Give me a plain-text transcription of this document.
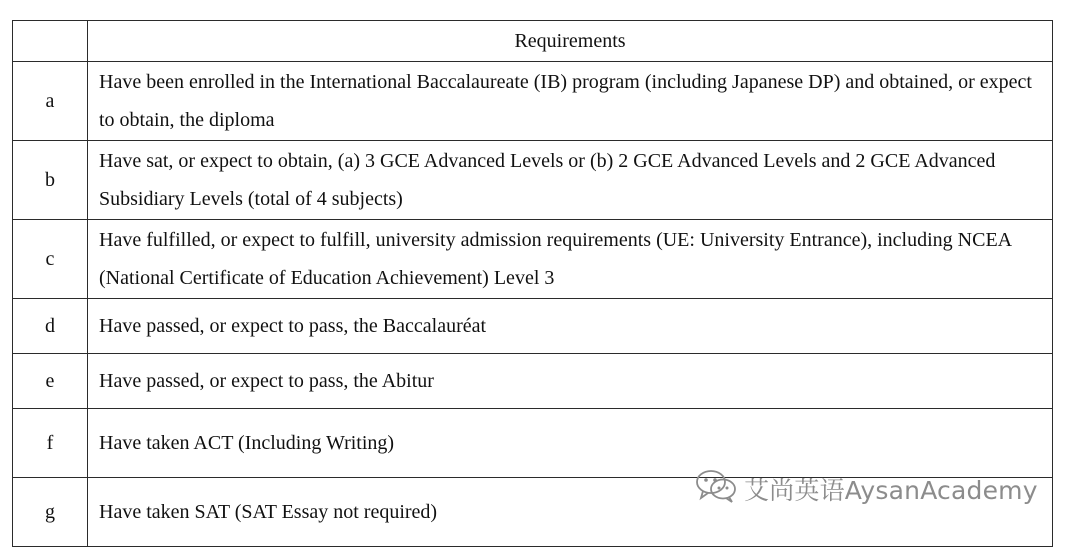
	Requirements
a	Have been enrolled in the International Baccalaureate (IB) program (including Japanese DP) and obtained, or expect to obtain, the diploma
b	Have sat, or expect to obtain, (a) 3 GCE Advanced Levels or (b) 2 GCE Advanced Levels and 2 GCE Advanced Subsidiary Levels (total of 4 subjects)
c	Have fulfilled, or expect to fulfill, university admission requirements (UE: University Entrance), including NCEA (National Certificate of Education Achievement) Level 3
d	Have passed, or expect to pass, the Baccalauréat
e	Have passed, or expect to pass, the Abitur
f	Have taken ACT (Including Writing)
g	Have taken SAT (SAT Essay not required)
艾尚英语AysanAcademy
